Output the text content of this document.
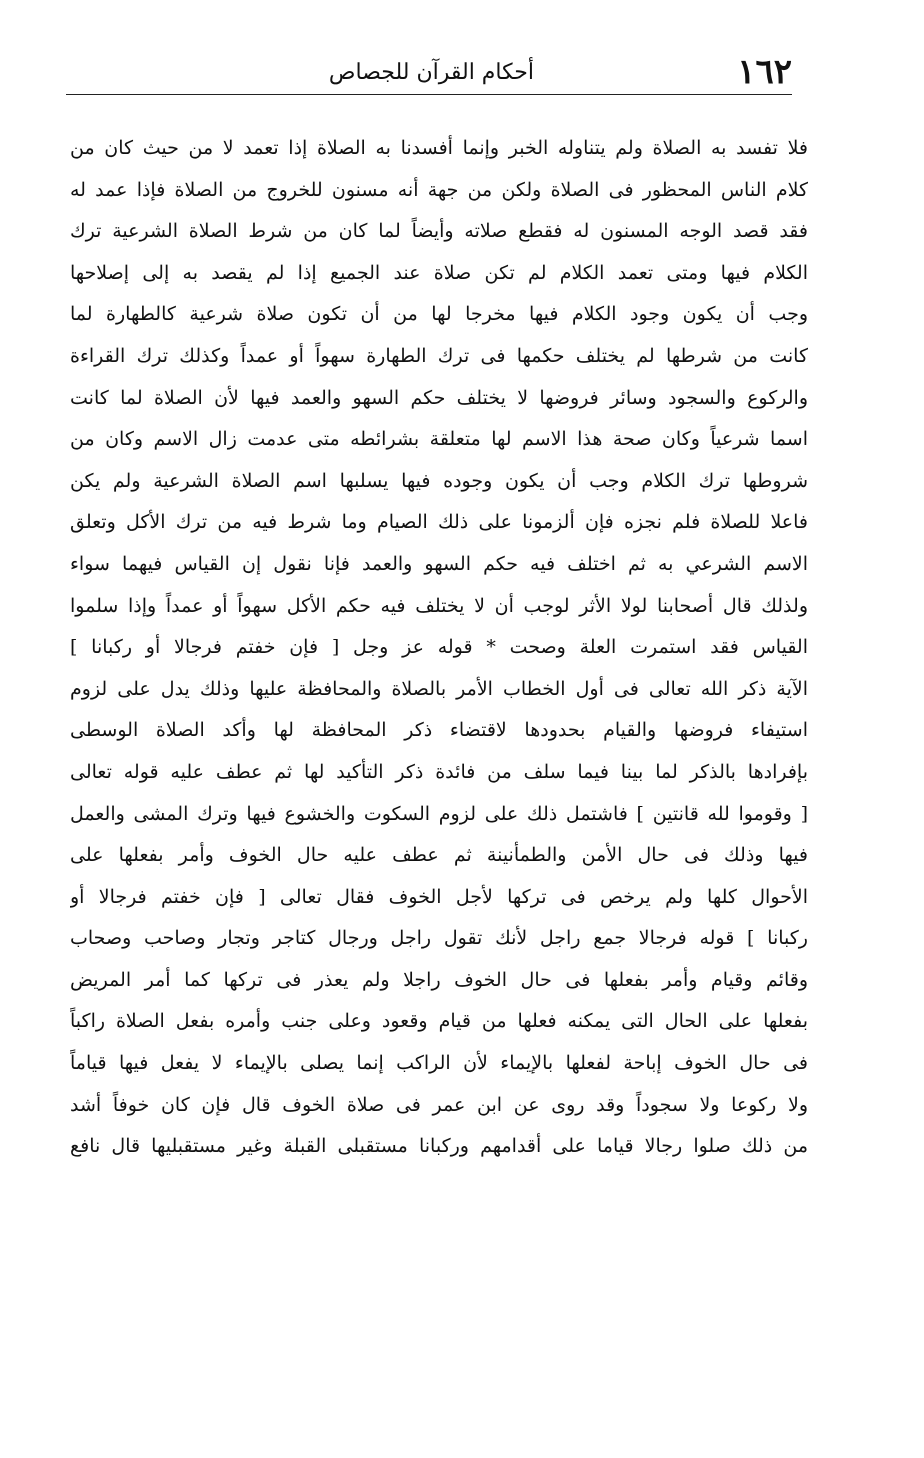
١٦٢
أحكام القرآن للجصاص
فلا تفسد به الصلاة ولم يتناوله الخبر وإنما أفسدنا به الصلاة إذا تعمد لا من حيث كان من
كلام الناس المحظور فى الصلاة ولكن من جهة أنه مسنون للخروج من الصلاة فإذا عمد له
فقد قصد الوجه المسنون له فقطع صلاته وأيضاً لما كان من شرط الصلاة الشرعية ترك
الكلام فيها ومتى تعمد الكلام لم تكن صلاة عند الجميع إذا لم يقصد به إلى إصلاحها
وجب أن يكون وجود الكلام فيها مخرجا لها من أن تكون صلاة شرعية كالطهارة لما
كانت من شرطها لم يختلف حكمها فى ترك الطهارة سهواً أو عمداً وكذلك ترك القراءة
والركوع والسجود وسائر فروضها لا يختلف حكم السهو والعمد فيها لأن الصلاة لما كانت
اسما شرعياً وكان صحة هذا الاسم لها متعلقة بشرائطه متى عدمت زال الاسم وكان من
شروطها ترك الكلام وجب أن يكون وجوده فيها يسلبها اسم الصلاة الشرعية ولم يكن
فاعلا للصلاة فلم نجزه فإن ألزمونا على ذلك الصيام وما شرط فيه من ترك الأكل وتعلق
الاسم الشرعي به ثم اختلف فيه حكم السهو والعمد فإنا نقول إن القياس فيهما سواء
ولذلك قال أصحابنا لولا الأثر لوجب أن لا يختلف فيه حكم الأكل سهواً أو عمداً وإذا سلموا
القياس فقد استمرت العلة وصحت * قوله عز وجل [ فإن خفتم فرجالا أو ركبانا ]
الآية ذكر الله تعالى فى أول الخطاب الأمر بالصلاة والمحافظة عليها وذلك يدل على لزوم
استيفاء فروضها والقيام بحدودها لاقتضاء ذكر المحافظة لها وأكد الصلاة الوسطى
بإفرادها بالذكر لما بينا فيما سلف من فائدة ذكر التأكيد لها ثم عطف عليه قوله تعالى
[ وقوموا لله قانتين ] فاشتمل ذلك على لزوم السكوت والخشوع فيها وترك المشى والعمل
فيها وذلك فى حال الأمن والطمأنينة ثم عطف عليه حال الخوف وأمر بفعلها على
الأحوال كلها ولم يرخص فى تركها لأجل الخوف فقال تعالى [ فإن خفتم فرجالا أو
ركبانا ] قوله فرجالا جمع راجل لأنك تقول راجل ورجال كتاجر وتجار وصاحب وصحاب
وقائم وقيام وأمر بفعلها فى حال الخوف راجلا ولم يعذر فى تركها كما أمر المريض
بفعلها على الحال التى يمكنه فعلها من قيام وقعود وعلى جنب وأمره بفعل الصلاة راكباً
فى حال الخوف إباحة لفعلها بالإيماء لأن الراكب إنما يصلى بالإيماء لا يفعل فيها قياماً
ولا ركوعا ولا سجوداً وقد روى عن ابن عمر فى صلاة الخوف قال فإن كان خوفاً أشد
من ذلك صلوا رجالا قياما على أقدامهم وركبانا مستقبلى القبلة وغير مستقبليها قال نافع
